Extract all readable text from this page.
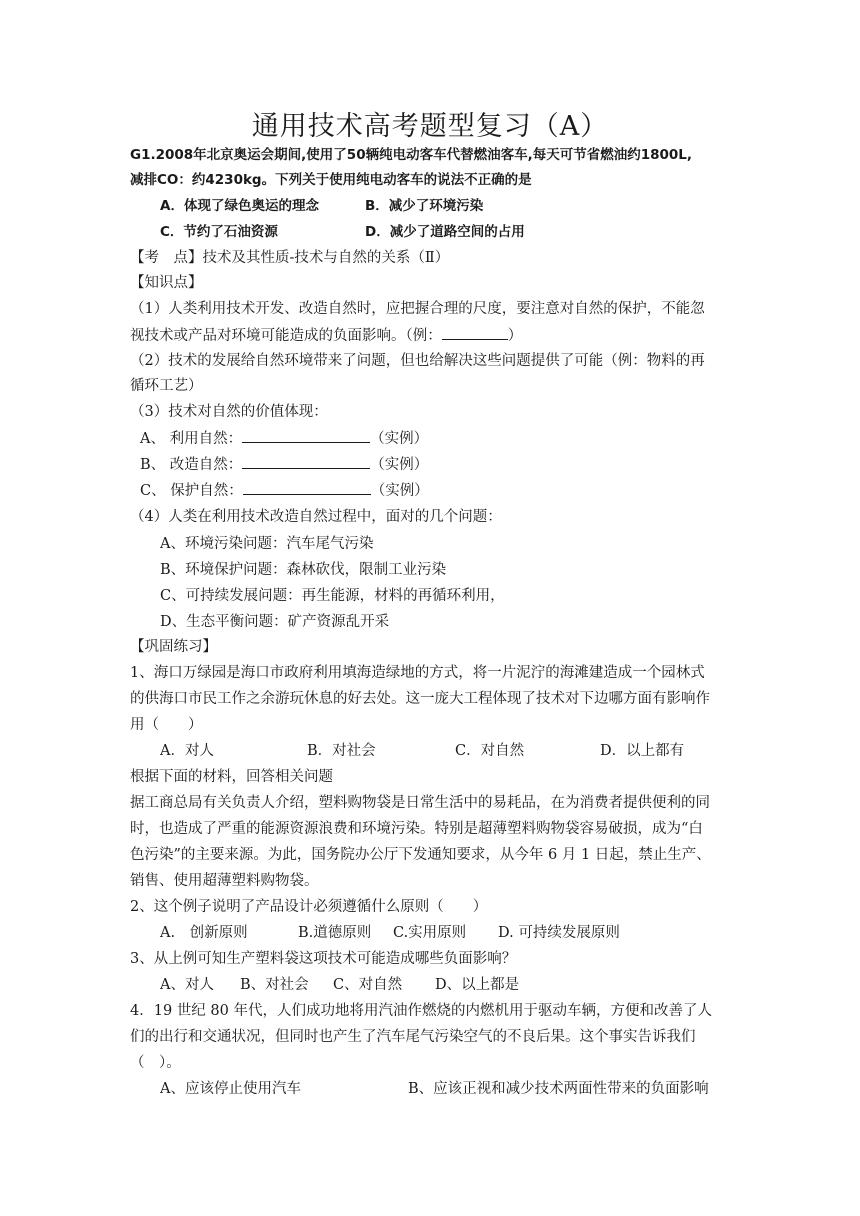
通用技术高考题型复习（A）
G1.2008年北京奥运会期间,使用了50辆纯电动客车代替燃油客车,每天可节省燃油约1800L,
减排CO：约4230kg。下列关于使用纯电动客车的说法不正确的是
A．体现了绿色奥运的理念	B．减少了环境污染
C．节约了石油资源	D．减少了道路空间的占用
【考　点】技术及其性质-技术与自然的关系（Ⅱ）
【知识点】
（1）人类利用技术开发、改造自然时，应把握合理的尺度，要注意对自然的保护，不能忽
视技术或产品对环境可能造成的负面影响。（例：	）
（2）技术的发展给自然环境带来了问题，但也给解决这些问题提供了可能（例：物料的再
循环工艺）
（3）技术对自然的价值体现：
A、 利用自然：	（实例）
B、 改造自然：	（实例）
C、 保护自然：	（实例）
（4）人类在利用技术改造自然过程中，面对的几个问题：
A、环境污染问题：汽车尾气污染
B、环境保护问题：森林砍伐，限制工业污染
C、可持续发展问题：再生能源，材料的再循环利用，
D、生态平衡问题：矿产资源乱开采
【巩固练习】
1、海口万绿园是海口市政府利用填海造绿地的方式，将一片泥泞的海滩建造成一个园林式
的供海口市民工作之余游玩休息的好去处。这一庞大工程体现了技术对下边哪方面有影响作
用（　　）
A．对人	B．对社会	C．对自然	D．以上都有
根据下面的材料，回答相关问题
据工商总局有关负责人介绍，塑料购物袋是日常生活中的易耗品，在为消费者提供便利的同
时，也造成了严重的能源资源浪费和环境污染。特别是超薄塑料购物袋容易破损，成为“白
色污染”的主要来源。为此，国务院办公厅下发通知要求，从今年 6 月 1 日起，禁止生产、
销售、使用超薄塑料购物袋。
2、这个例子说明了产品设计必须遵循什么原则（　　）
A.　创新原则	B.道德原则 C.实用原则 D. 可持续发展原则
3、从上例可知生产塑料袋这项技术可能造成哪些负面影响？
A、对人 B、对社会 C、对自然 D、以上都是
4．19 世纪 80 年代，人们成功地将用汽油作燃烧的内燃机用于驱动车辆，方便和改善了人
们的出行和交通状况，但同时也产生了汽车尾气污染空气的不良后果。这个事实告诉我们
（　）。
A、应该停止使用汽车	B、应该正视和减少技术两面性带来的负面影响
